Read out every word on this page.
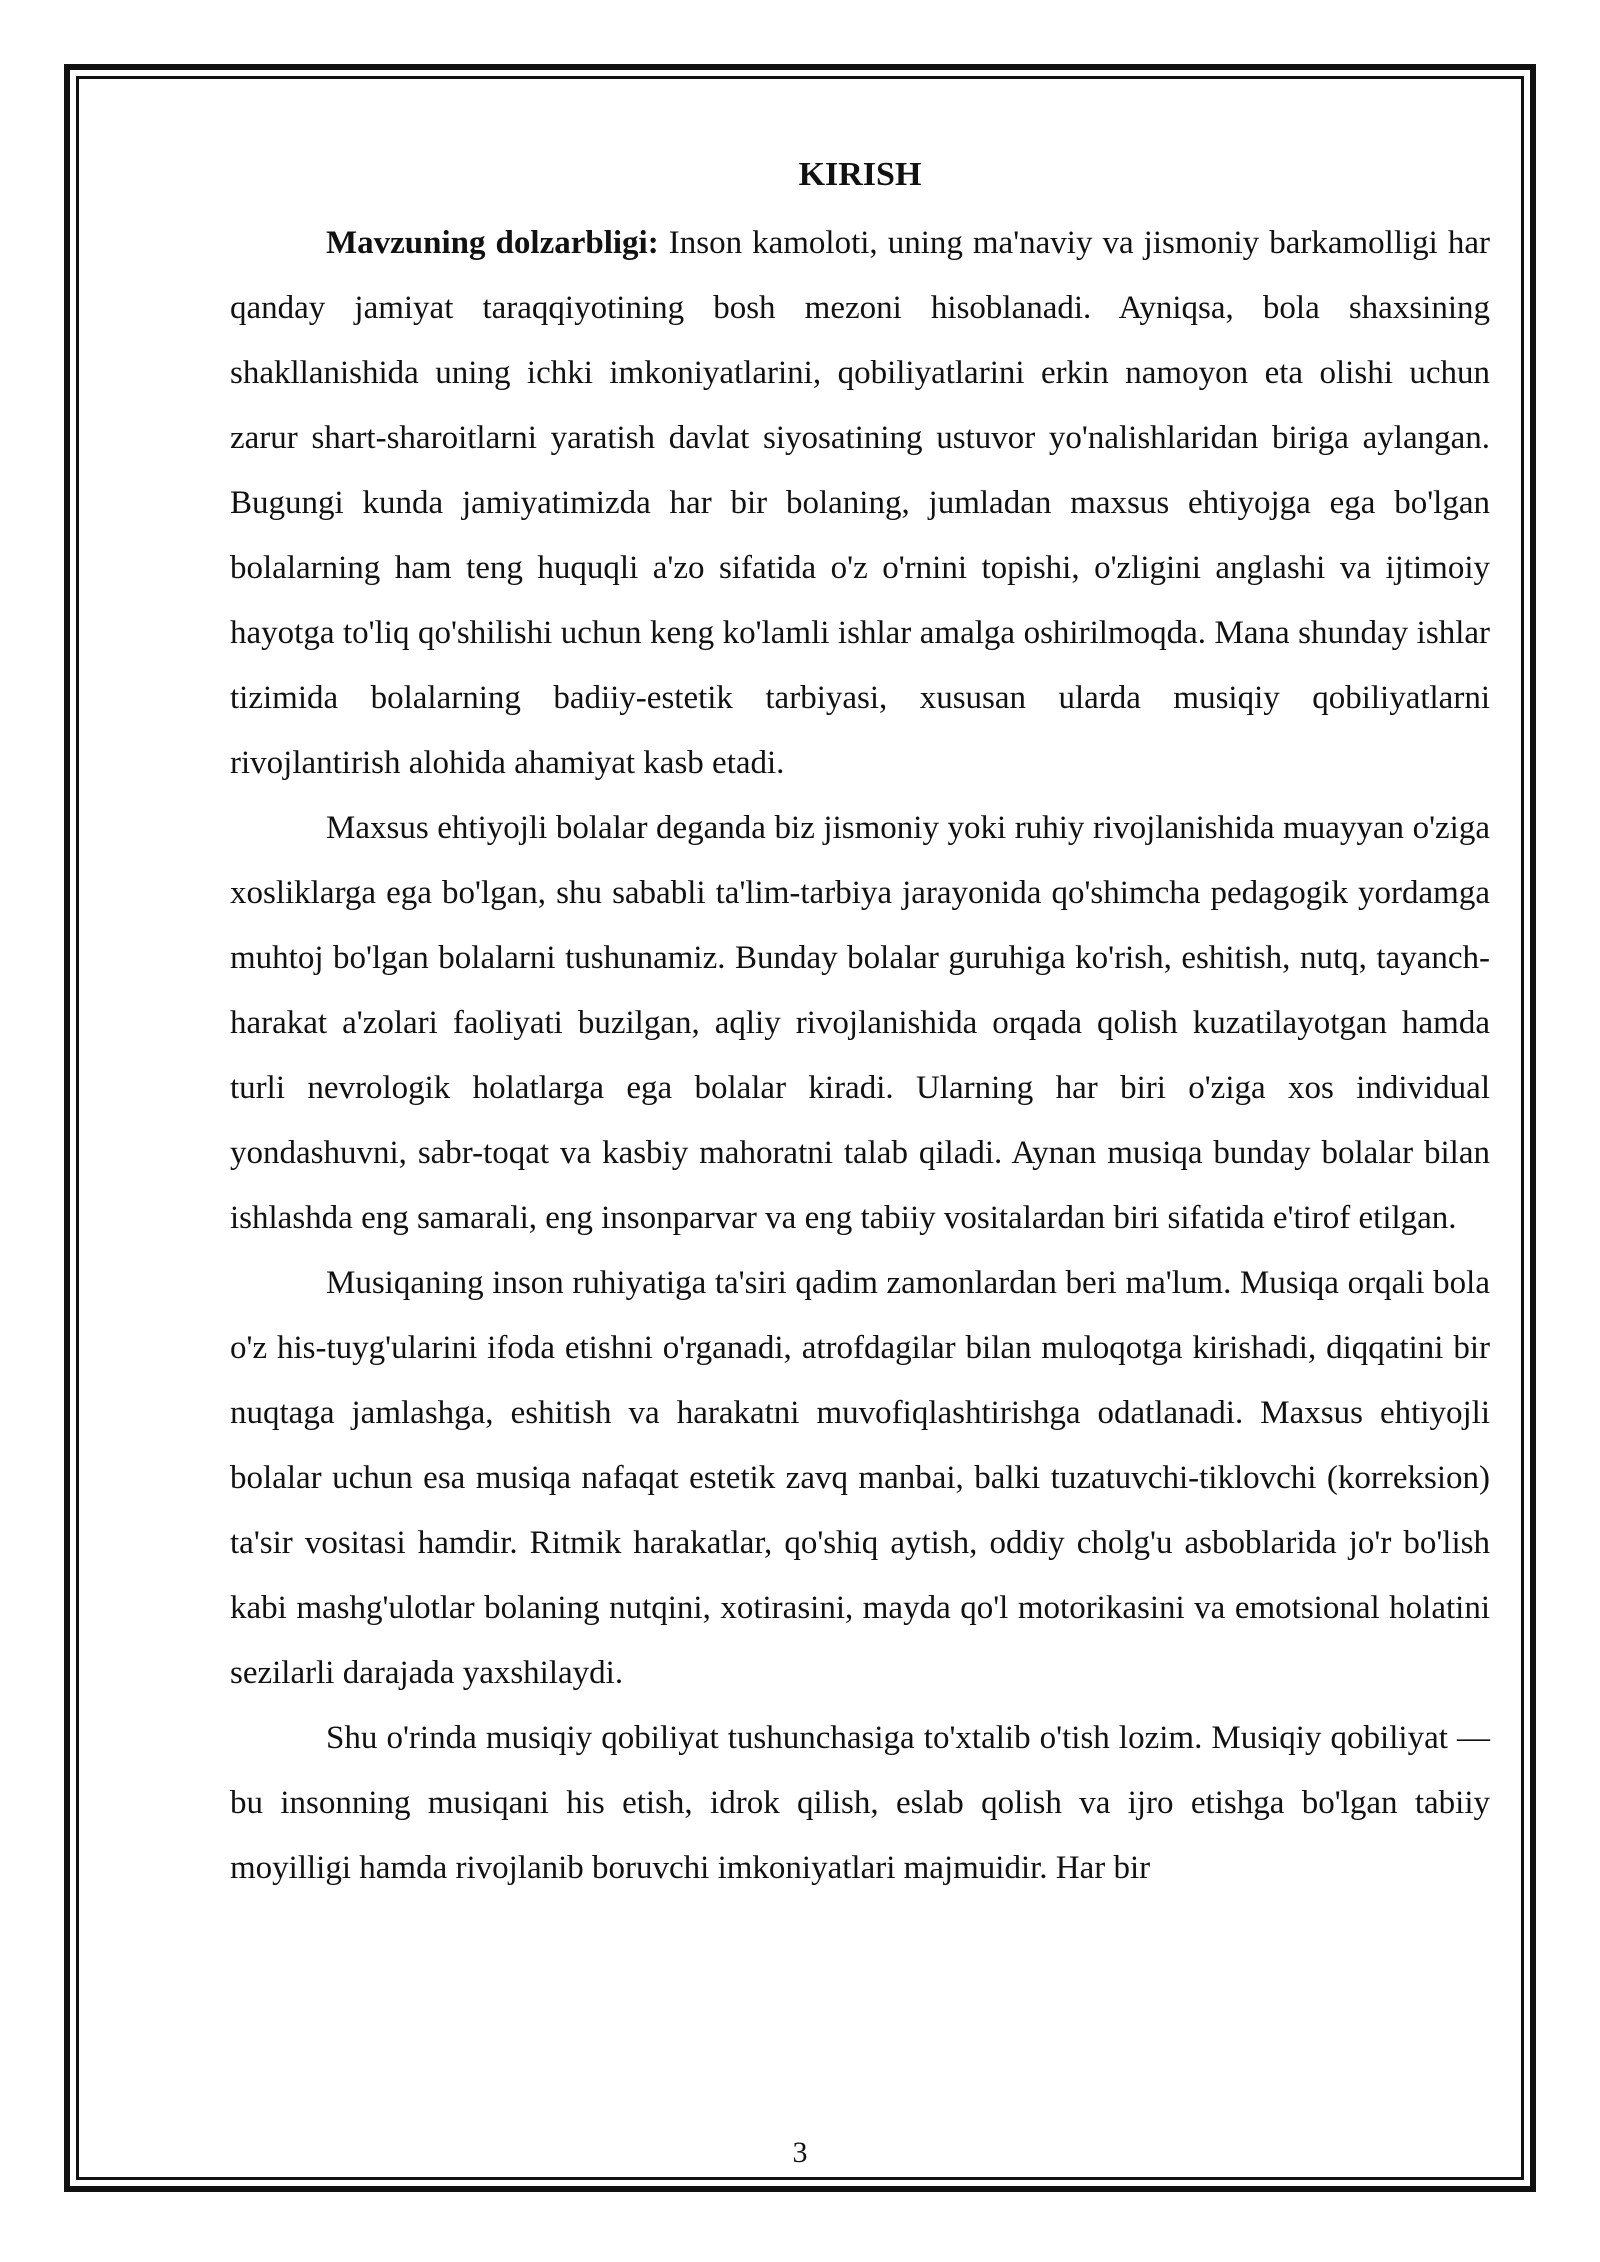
KIRISH

Mavzuning dolzarbligi: Inson kamoloti, uning ma'naviy va jismoniy barkamolligi har qanday jamiyat taraqqiyotining bosh mezoni hisoblanadi. Ayniqsa, bola shaxsining shakllanishida uning ichki imkoniyatlarini, qobiliyatlarini erkin namoyon eta olishi uchun zarur shart-sharoitlarni yaratish davlat siyosatining ustuvor yo'nalishlaridan biriga aylangan. Bugungi kunda jamiyatimizda har bir bolaning, jumladan maxsus ehtiyojga ega bo'lgan bolalarning ham teng huquqli a'zo sifatida o'z o'rnini topishi, o'zligini anglashi va ijtimoiy hayotga to'liq qo'shilishi uchun keng ko'lamli ishlar amalga oshirilmoqda. Mana shunday ishlar tizimida bolalarning badiiy-estetik tarbiyasi, xususan ularda musiqiy qobiliyatlarni rivojlantirish alohida ahamiyat kasb etadi.

Maxsus ehtiyojli bolalar deganda biz jismoniy yoki ruhiy rivojlanishida muayyan o'ziga xosliklarga ega bo'lgan, shu sababli ta'lim-tarbiya jarayonida qo'shimcha pedagogik yordamga muhtoj bo'lgan bolalarni tushunamiz. Bunday bolalar guruhiga ko'rish, eshitish, nutq, tayanch-harakat a'zolari faoliyati buzilgan, aqliy rivojlanishida orqada qolish kuzatilayotgan hamda turli nevrologik holatlarga ega bolalar kiradi. Ularning har biri o'ziga xos individual yondashuvni, sabr-toqat va kasbiy mahoratni talab qiladi. Aynan musiqa bunday bolalar bilan ishlashda eng samarali, eng insonparvar va eng tabiiy vositalardan biri sifatida e'tirof etilgan.

Musiqaning inson ruhiyatiga ta'siri qadim zamonlardan beri ma'lum. Musiqa orqali bola o'z his-tuyg'ularini ifoda etishni o'rganadi, atrofdagilar bilan muloqotga kirishadi, diqqatini bir nuqtaga jamlashga, eshitish va harakatni muvofiqlashtirishga odatlanadi. Maxsus ehtiyojli bolalar uchun esa musiqa nafaqat estetik zavq manbai, balki tuzatuvchi-tiklovchi (korreksion) ta'sir vositasi hamdir. Ritmik harakatlar, qo'shiq aytish, oddiy cholg'u asboblarida jo'r bo'lish kabi mashg'ulotlar bolaning nutqini, xotirasini, mayda qo'l motorikasini va emotsional holatini sezilarli darajada yaxshilaydi.

Shu o'rinda musiqiy qobiliyat tushunchasiga to'xtalib o'tish lozim. Musiqiy qobiliyat — bu insonning musiqani his etish, idrok qilish, eslab qolish va ijro etishga bo'lgan tabiiy moyilligi hamda rivojlanib boruvchi imkoniyatlari majmuidir. Har bir

3
